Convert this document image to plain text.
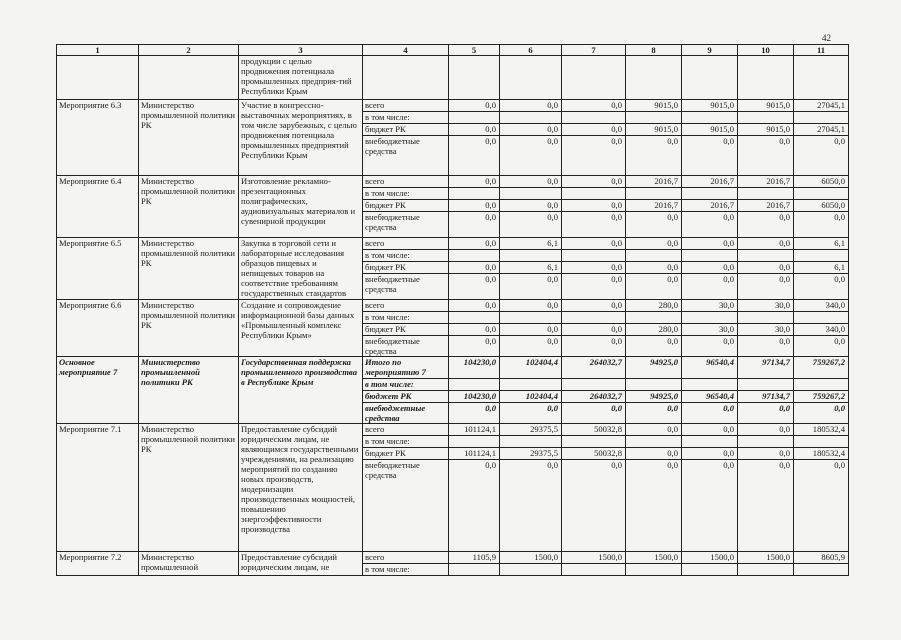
42
1	2	3	4	5	6	7	8	9	10	11
		продукции с целью продвижения потенциала промышленных предприя-тий Республики Крым								
Мероприятие 6.3	Министерство промышленной политики РК	Участие в конгрессно-выставочных мероприятиях, в том числе зарубежных, с целью продвижения потенциала промышленных предприятий Республики Крым	всего	0,0	0,0	0,0	9015,0	9015,0	9015,0	27045,1
			в том числе:							
			бюджет РК	0,0	0,0	0,0	9015,0	9015,0	9015,0	27045,1
			внебюджетные средства	0,0	0,0	0,0	0,0	0,0	0,0	0,0
Мероприятие 6.4	Министерство промышленной политики РК	Изготовление рекламно-презентационных полиграфических, аудиовизуальных материалов и сувенирной продукции	всего	0,0	0,0	0,0	2016,7	2016,7	2016,7	6050,0
			в том числе:							
			бюджет РК	0,0	0,0	0,0	2016,7	2016,7	2016,7	6050,0
			внебюджетные средства	0,0	0,0	0,0	0,0	0,0	0,0	0,0
Мероприятие 6.5	Министерство промышленной политики РК	Закупка в торговой сети и лабораторные исследования образцов пищевых и непищевых товаров на соответствие требованиям государственных стандартов	всего	0,0	6,1	0,0	0,0	0,0	0,0	6,1
			в том числе:							
			бюджет РК	0,0	6,1	0,0	0,0	0,0	0,0	6,1
			внебюджетные средства	0,0	0,0	0,0	0,0	0,0	0,0	0,0
Мероприятие 6.6	Министерство промышленной политики РК	Создание и сопровождение информационной базы данных «Промышленный комплекс Республики Крым»	всего	0,0	0,0	0,0	280,0	30,0	30,0	340,0
			в том числе:							
			бюджет РК	0,0	0,0	0,0	280,0	30,0	30,0	340,0
			внебюджетные средства	0,0	0,0	0,0	0,0	0,0	0,0	0,0
Основное мероприятие 7	Министерство промышленной политики РК	Государственная поддержка промышленного производства в Республике Крым	Итого по мероприятию 7	104230,0	102404,4	264032,7	94925,0	96540,4	97134,7	759267,2
			в том числе:							
			бюджет РК	104230,0	102404,4	264032,7	94925,0	96540,4	97134,7	759267,2
			внебюджетные средства	0,0	0,0	0,0	0,0	0,0	0,0	0,0
Мероприятие 7.1	Министерство промышленной политики РК	Предоставление субсидий юридическим лицам, не являющимся государственными учреждениями, на реализацию мероприятий по созданию новых производств, модернизации производственных мощностей, повышению энергоэффективности производства	всего	101124,1	29375,5	50032,8	0,0	0,0	0,0	180532,4
			в том числе:							
			бюджет РК	101124,1	29375,5	50032,8	0,0	0,0	0,0	180532,4
			внебюджетные средства	0,0	0,0	0,0	0,0	0,0	0,0	0,0
Мероприятие 7.2	Министерство промышленной	Предоставление субсидий юридическим лицам, не	всего	1105,9	1500,0	1500,0	1500,0	1500,0	1500,0	8605,9
			в том числе:							
